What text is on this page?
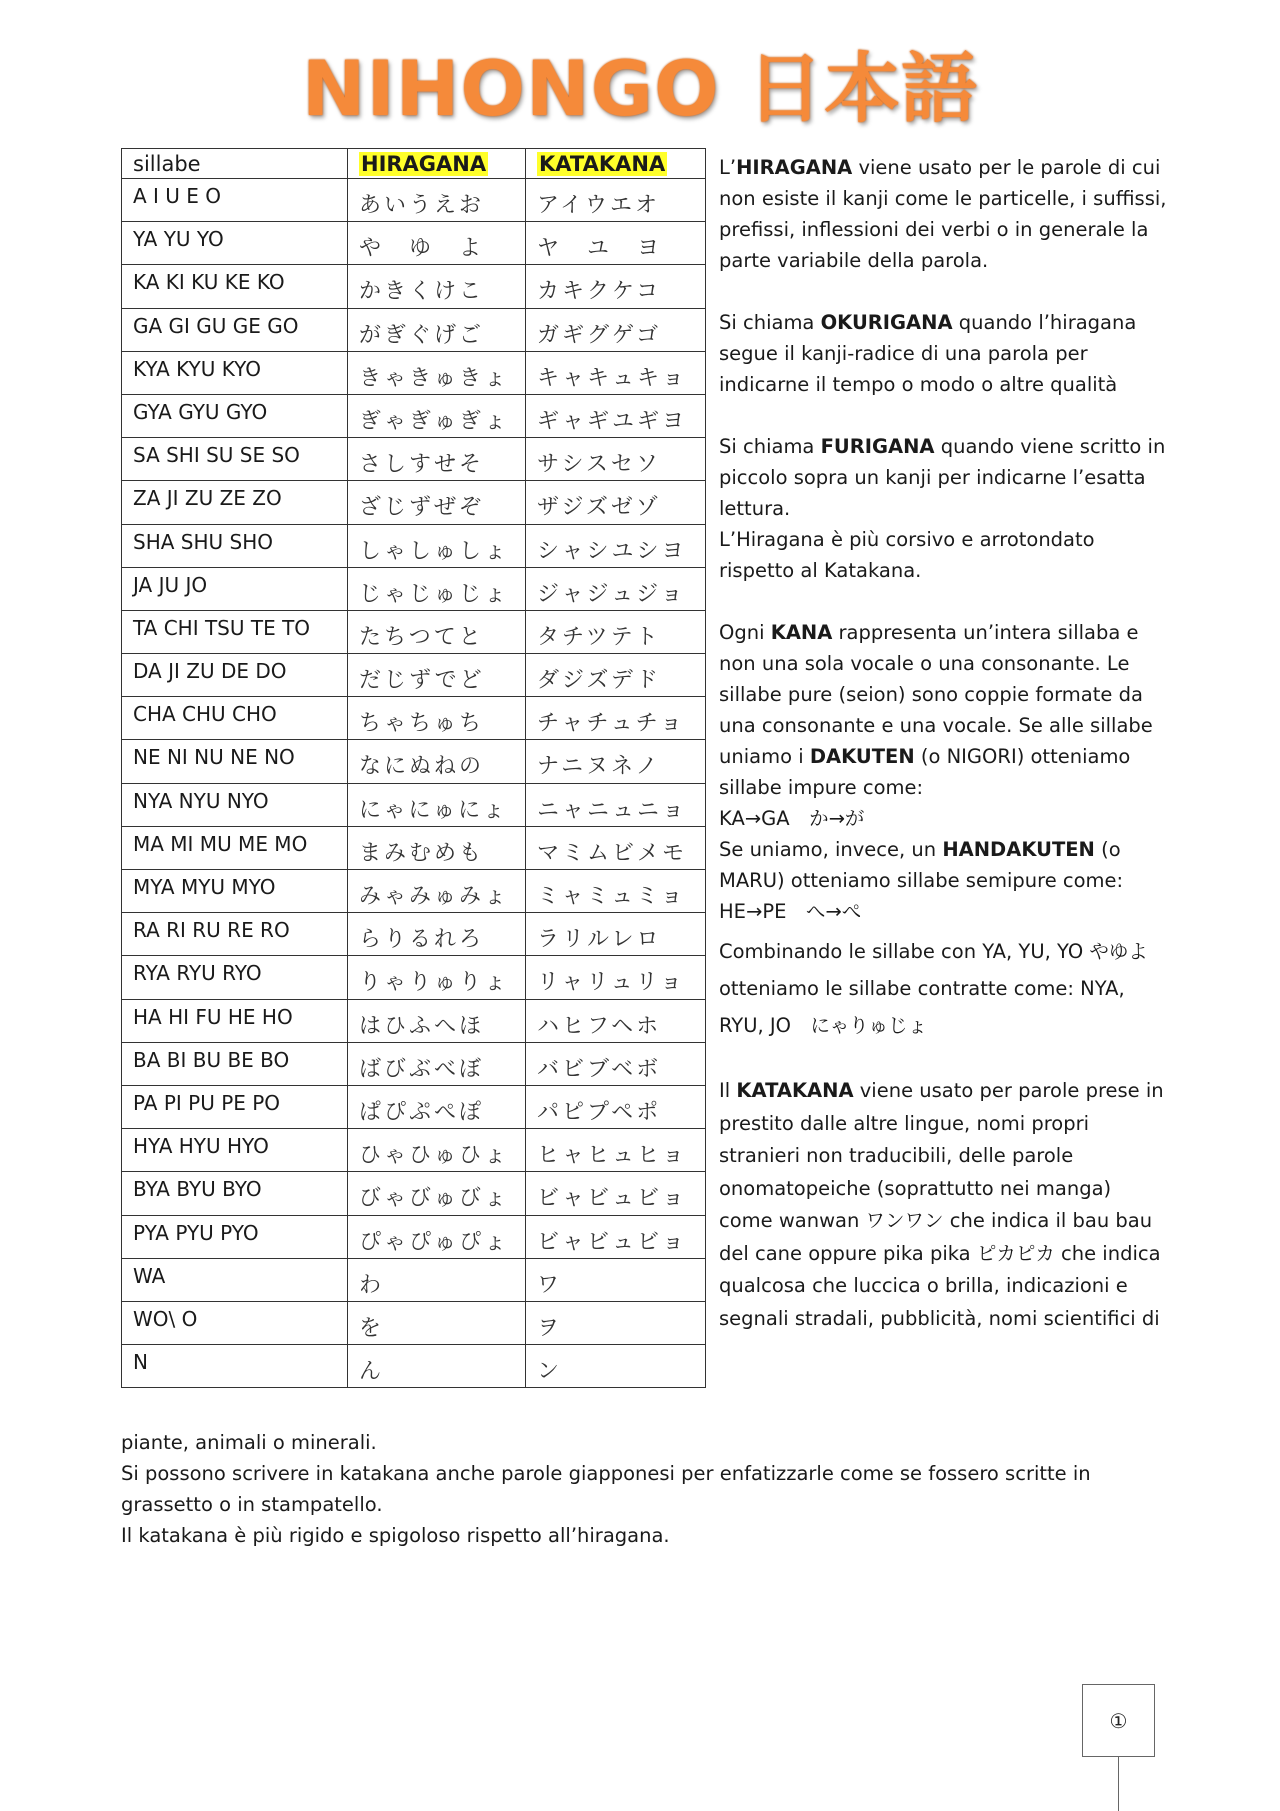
NIHONGO 日本語
sillabe	HIRAGANA	KATAKANA
A I U E O	あいうえお	アイウエオ
YA YU YO	や　ゆ　よ	ヤ　ユ　ヨ
KA KI KU KE KO	かきくけこ	カキクケコ
GA GI GU GE GO	がぎぐげご	ガギグゲゴ
KYA KYU KYO	きゃきゅきょ	キャキュキョ
GYA GYU GYO	ぎゃぎゅぎょ	ギャギユギヨ
SA SHI SU SE SO	さしすせそ	サシスセソ
ZA JI ZU ZE ZO	ざじずぜぞ	ザジズゼゾ
SHA SHU SHO	しゃしゅしょ	シャシユシヨ
JA JU JO	じゃじゅじょ	ジャジュジョ
TA CHI TSU TE TO	たちつてと	タチツテト
DA JI ZU DE DO	だじずでど	ダジズデド
CHA CHU CHO	ちゃちゅち	チャチュチョ
NE NI NU NE NO	なにぬねの	ナニヌネノ
NYA NYU NYO	にゃにゅにょ	ニャニュニョ
MA MI MU ME MO	まみむめも	マミムビメモ
MYA MYU MYO	みゃみゅみょ	ミャミュミョ
RA RI RU RE RO	らりるれろ	ラリルレロ
RYA RYU RYO	りゃりゅりょ	リャリュリョ
HA HI FU HE HO	はひふへほ	ハヒフヘホ
BA BI BU BE BO	ばびぶべぼ	バビブベボ
PA PI PU PE PO	ぱぴぷぺぽ	パピプペポ
HYA HYU HYO	ひゃひゅひょ	ヒャヒュヒョ
BYA BYU BYO	びゃびゅびょ	ビャビュビョ
PYA PYU PYO	ぴゃぴゅぴょ	ビャビュビョ
WA	わ	ワ
WO\ O	を	ヲ
N	ん	ン

L’HIRAGANA viene usato per le parole di cui non esiste il kanji come le particelle, i suffissi, prefissi, inflessioni dei verbi o in generale la parte variabile della parola.

Si chiama OKURIGANA quando l’hiragana segue il kanji-radice di una parola per indicarne il tempo o modo o altre qualità

Si chiama FURIGANA quando viene scritto in piccolo sopra un kanji per indicarne l’esatta lettura.

L’Hiragana è più corsivo e arrotondato rispetto al Katakana.

Ogni KANA rappresenta un’intera sillaba e non una sola vocale o una consonante. Le sillabe pure (seion) sono coppie formate da una consonante e una vocale. Se alle sillabe uniamo i DAKUTEN (o NIGORI) otteniamo sillabe impure come:

KA→GA　か→が

Se uniamo, invece, un HANDAKUTEN (o MARU) otteniamo sillabe semipure come:

HE→PE　へ→ぺ

Combinando le sillabe con YA, YU, YO やゆよ otteniamo le sillabe contratte come: NYA, RYU, JO　にゃりゅじょ

Il KATAKANA viene usato per parole prese in prestito dalle altre lingue, nomi propri stranieri non traducibili, delle parole onomatopeiche (soprattutto nei manga) come wanwan ワンワン che indica il bau bau del cane oppure pika pika ピカピカ che indica qualcosa che luccica o brilla, indicazioni e segnali stradali, pubblicità, nomi scientifici di

piante, animali o minerali.

Si possono scrivere in katakana anche parole giapponesi per enfatizzarle come se fossero scritte in grassetto o in stampatello.

Il katakana è più rigido e spigoloso rispetto all’hiragana.

①
